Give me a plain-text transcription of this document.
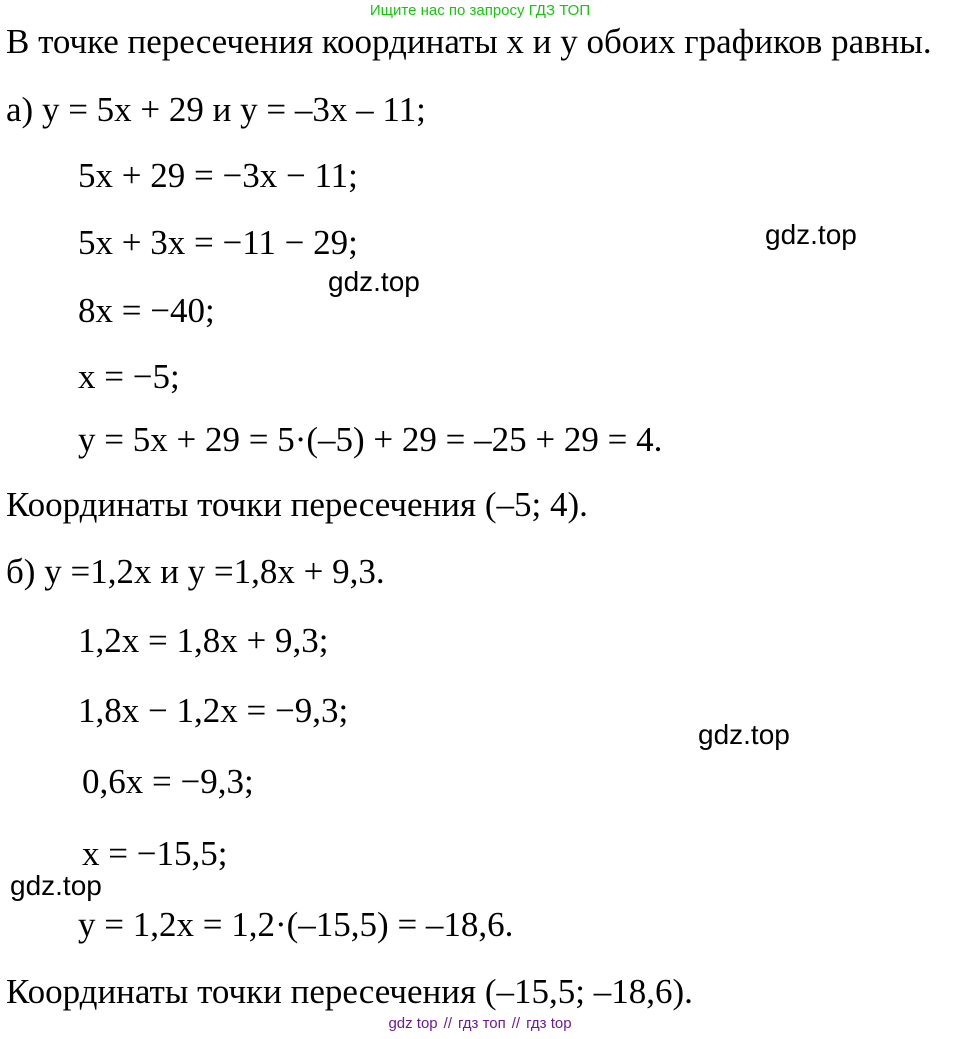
Ищите нас по запросу ГДЗ ТОП

В точке пересечения координаты x и y обоих графиков равны.

а) y = 5x + 29 и y = –3x – 11;

5x + 29 = −3x − 11;

5x + 3x = −11 − 29;

8x = −40;

x = −5;

y = 5x + 29 = 5·(–5) + 29 = –25 + 29 = 4.

Координаты точки пересечения (–5; 4).

б) y =1,2x и y =1,8x + 9,3.

1,2x = 1,8x + 9,3;

1,8x − 1,2x = −9,3;

0,6x = −9,3;

x = −15,5;

y = 1,2x = 1,2·(–15,5) = –18,6.

Координаты точки пересечения (–15,5; –18,6).

gdz.top
gdz.top
gdz.top
gdz.top
gdz top // гдз топ // гдз top
